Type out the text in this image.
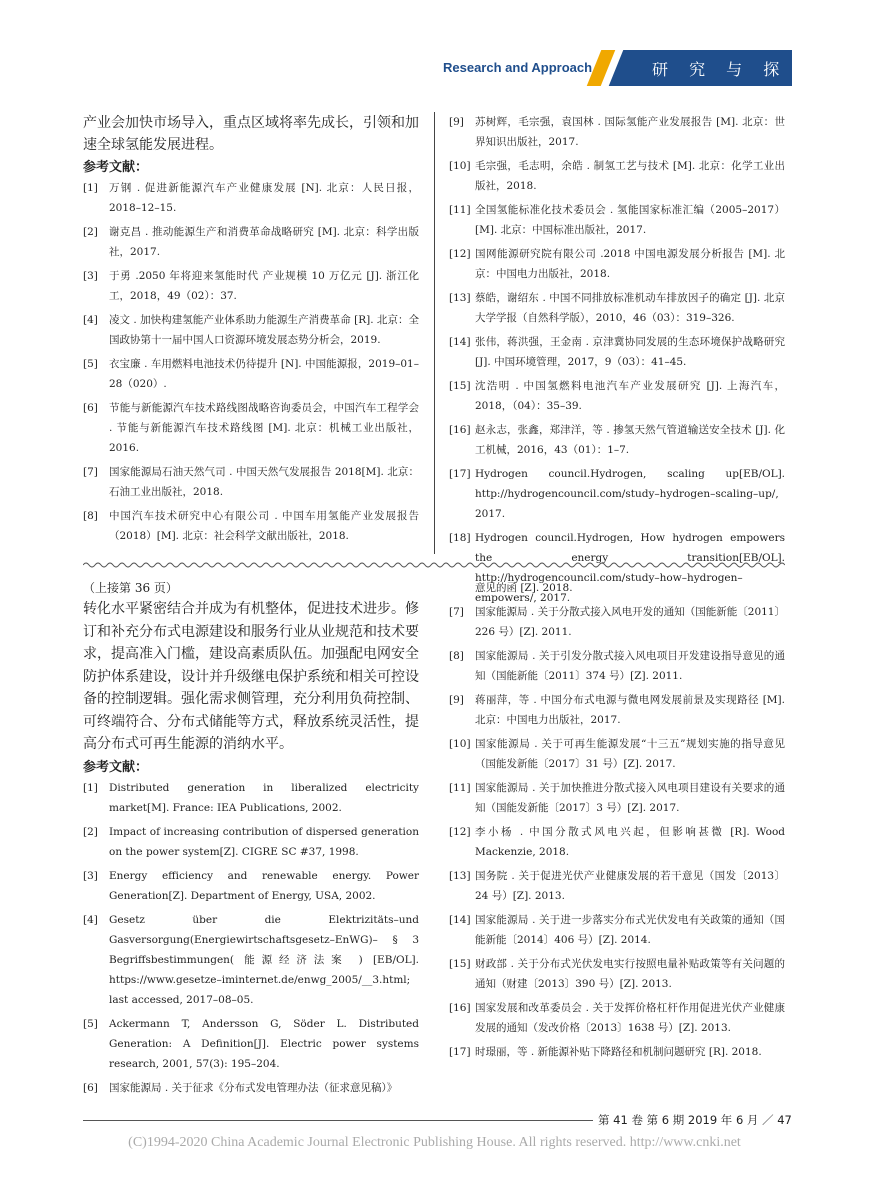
Research and Approach	研 究 与 探 讨

产业会加快市场导入，重点区域将率先成长，引领和加速全球氢能发展进程。

参考文献：

[1]	万钢 . 促进新能源汽车产业健康发展 [N]. 北京：人民日报，2018–12–15.
[2]	谢克昌 . 推动能源生产和消费革命战略研究 [M]. 北京：科学出版社，2017.
[3]	于勇 .2050 年将迎来氢能时代 产业规模 10 万亿元 [J]. 浙江化工，2018，49（02）：37.
[4]	凌文 . 加快构建氢能产业体系助力能源生产消费革命 [R]. 北京：全国政协第十一届中国人口资源环境发展态势分析会，2019.
[5]	衣宝廉 . 车用燃料电池技术仍待提升 [N]. 中国能源报，2019–01–28（020）.
[6]	节能与新能源汽车技术路线图战略咨询委员会，中国汽车工程学会 . 节能与新能源汽车技术路线图 [M]. 北京：机械工业出版社，2016.
[7]	国家能源局石油天然气司 . 中国天然气发展报告 2018[M]. 北京：石油工业出版社，2018.
[8]	中国汽车技术研究中心有限公司 . 中国车用氢能产业发展报告（2018）[M]. 北京：社会科学文献出版社，2018.
[9]	苏树辉，毛宗强，袁国林 . 国际氢能产业发展报告 [M]. 北京：世界知识出版社，2017.
[10] 毛宗强，毛志明，余皓 . 制氢工艺与技术 [M]. 北京：化学工业出版社，2018.
[11] 全国氢能标准化技术委员会 . 氢能国家标准汇编（2005–2017）[M]. 北京：中国标准出版社，2017.
[12] 国网能源研究院有限公司 .2018 中国电源发展分析报告 [M]. 北京：中国电力出版社，2018.
[13] 蔡皓，谢绍东 . 中国不同排放标准机动车排放因子的确定 [J]. 北京大学学报（自然科学版），2010，46（03）：319–326.
[14] 张伟，蒋洪强，王金南 . 京津冀协同发展的生态环境保护战略研究 [J]. 中国环境管理，2017，9（03）：41–45.
[15] 沈浩明 . 中国氢燃料电池汽车产业发展研究 [J]. 上海汽车，2018，（04）：35–39.
[16] 赵永志，张鑫，郑津洋，等 . 掺氢天然气管道输送安全技术 [J]. 化工机械，2016，43（01）：1–7.
[17] Hydrogen council.Hydrogen, scaling up[EB/OL]. http://hydrogencouncil.com/study–hydrogen–scaling–up/, 2017.
[18] Hydrogen council.Hydrogen, How hydrogen empowers the energy transition[EB/OL]. http://hydrogencouncil.com/study–how–hydrogen–empowers/, 2017.

（上接第 36 页）

转化水平紧密结合并成为有机整体，促进技术进步。修订和补充分布式电源建设和服务行业从业规范和技术要求，提高准入门槛，建设高素质队伍。加强配电网安全防护体系建设，设计并升级继电保护系统和相关可控设备的控制逻辑。强化需求侧管理，充分利用负荷控制、可终端符合、分布式储能等方式，释放系统灵活性，提高分布式可再生能源的消纳水平。

参考文献：

[1]	Distributed generation in liberalized electricity market[M]. France: IEA Publications, 2002.
[2]	Impact of increasing contribution of dispersed generation on the power system[Z]. CIGRE SC #37, 1998.
[3]	Energy efficiency and renewable energy. Power Generation[Z]. Department of Energy, USA, 2002.
[4]	Gesetz über die Elektrizitäts–und Gasversorgung(Energiewirtschaftsgesetz–EnWG)– § 3 Begriffsbestimmungen( 能源经济法案 ) [EB/OL]. https://www.gesetze–iminternet.de/enwg_2005/__3.html; last accessed, 2017–08–05.
[5]	Ackermann T, Andersson G, Söder L. Distributed Generation: A Definition[J]. Electric power systems research, 2001, 57(3): 195–204.
[6]	国家能源局 . 关于征求《分布式发电管理办法（征求意见稿）》
意见的函 [Z]. 2018.
[7]	国家能源局 . 关于分散式接入风电开发的通知（国能新能〔2011〕226 号）[Z]. 2011.
[8]	国家能源局 . 关于引发分散式接入风电项目开发建设指导意见的通知（国能新能〔2011〕374 号）[Z]. 2011.
[9]	蒋丽萍，等 . 中国分布式电源与微电网发展前景及实现路径 [M]. 北京：中国电力出版社，2017.
[10] 国家能源局 . 关于可再生能源发展“十三五”规划实施的指导意见（国能发新能〔2017〕31 号）[Z]. 2017.
[11] 国家能源局 . 关于加快推进分散式接入风电项目建设有关要求的通知（国能发新能〔2017〕3 号）[Z]. 2017.
[12] 李小杨 . 中国分散式风电兴起，但影响甚微 [R]. Wood Mackenzie, 2018.
[13] 国务院 . 关于促进光伏产业健康发展的若干意见（国发〔2013〕24 号）[Z]. 2013.
[14] 国家能源局 . 关于进一步落实分布式光伏发电有关政策的通知（国能新能〔2014〕406 号）[Z]. 2014.
[15] 财政部 . 关于分布式光伏发电实行按照电量补贴政策等有关问题的通知（财建〔2013〕390 号）[Z]. 2013.
[16] 国家发展和改革委员会 . 关于发挥价格杠杆作用促进光伏产业健康发展的通知（发改价格〔2013〕1638 号）[Z]. 2013.
[17] 时璟丽，等 . 新能源补贴下降路径和机制问题研究 [R]. 2018.
第 41 卷 第 6 期 2019 年 6 月 ／ 47
(C)1994-2020 China Academic Journal Electronic Publishing House. All rights reserved. http://www.cnki.net
